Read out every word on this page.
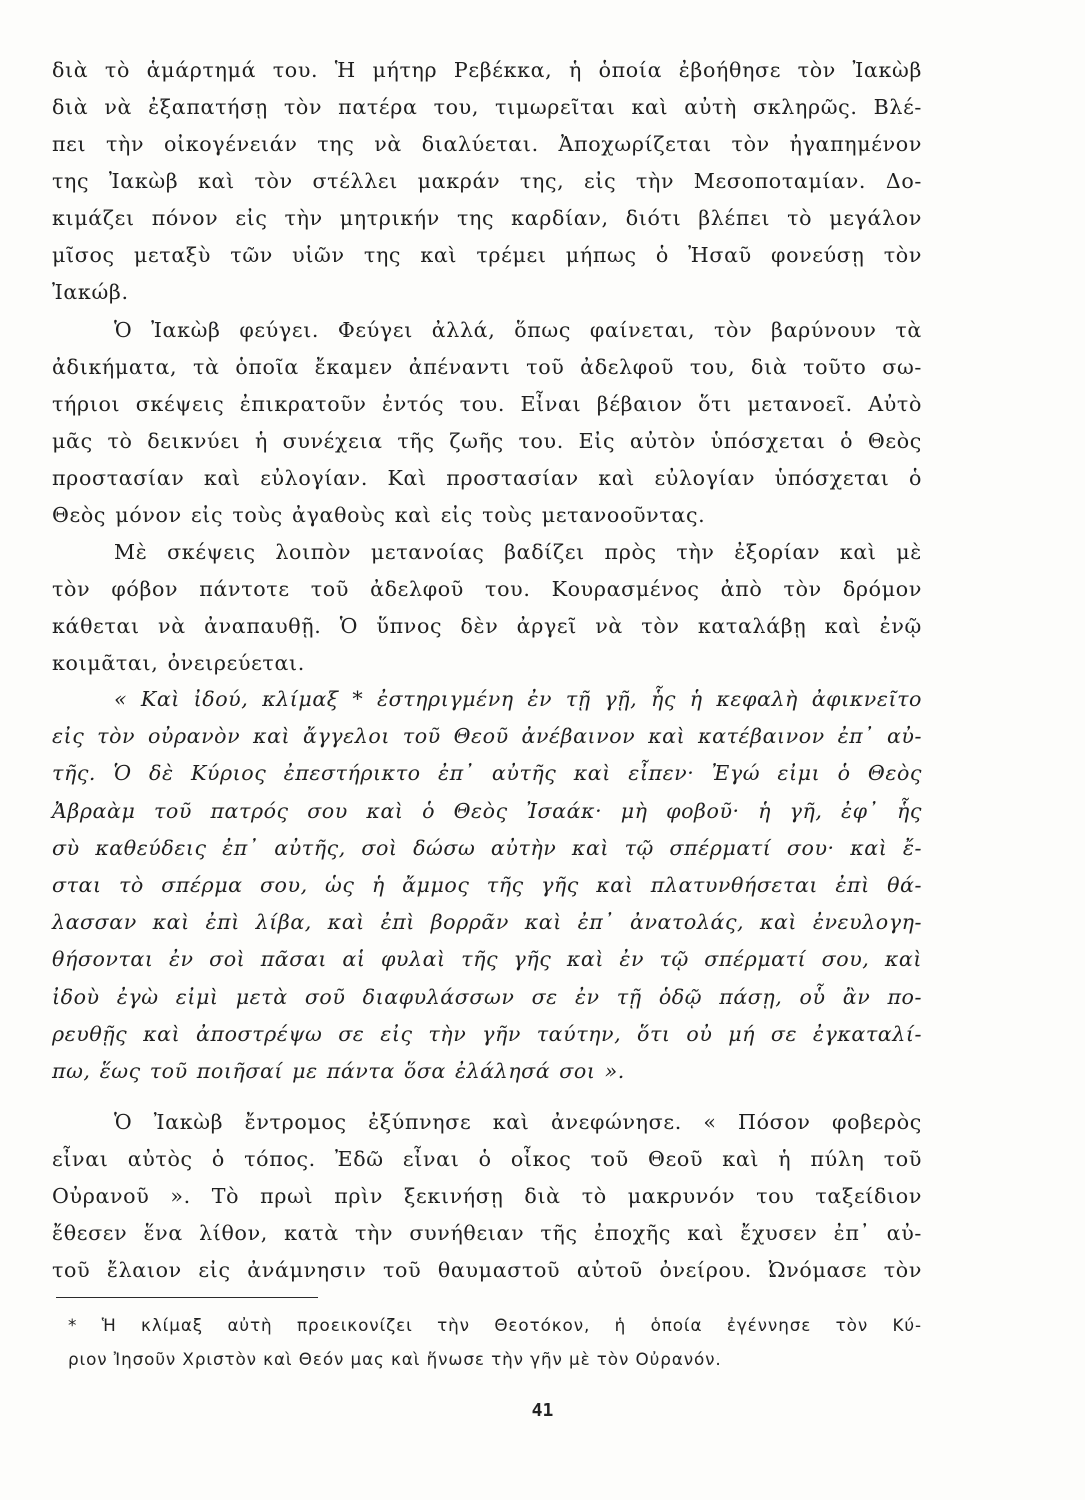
διὰ τὸ ἁμάρτημά του. Ἡ μήτηρ Ρεβέκκα, ἡ ὁποία ἐβοήθησε τὸν Ἰακὼβ
διὰ νὰ ἐξαπατήσῃ τὸν πατέρα του, τιμωρεῖται καὶ αὐτὴ σκληρῶς. Βλέ-
πει τὴν οἰκογένειάν της νὰ διαλύεται. Ἀποχωρίζεται τὸν ἠγαπημένον
της Ἰακὼβ καὶ τὸν στέλλει μακράν της, εἰς τὴν Μεσοποταμίαν. Δο-
κιμάζει πόνον εἰς τὴν μητρικήν της καρδίαν, διότι βλέπει τὸ μεγάλον
μῖσος μεταξὺ τῶν υἱῶν της καὶ τρέμει μήπως ὁ Ἠσαῦ φονεύσῃ τὸν
Ἰακώβ.
Ὁ Ἰακὼβ φεύγει. Φεύγει ἀλλά, ὅπως φαίνεται, τὸν βαρύνουν τὰ
ἀδικήματα, τὰ ὁποῖα ἔκαμεν ἀπέναντι τοῦ ἀδελφοῦ του, διὰ τοῦτο σω-
τήριοι σκέψεις ἐπικρατοῦν ἐντός του. Εἶναι βέβαιον ὅτι μετανοεῖ. Αὐτὸ
μᾶς τὸ δεικνύει ἡ συνέχεια τῆς ζωῆς του. Εἰς αὐτὸν ὑπόσχεται ὁ Θεὸς
προστασίαν καὶ εὐλογίαν. Καὶ προστασίαν καὶ εὐλογίαν ὑπόσχεται ὁ
Θεὸς μόνον εἰς τοὺς ἀγαθοὺς καὶ εἰς τοὺς μετανοοῦντας.
Μὲ σκέψεις λοιπὸν μετανοίας βαδίζει πρὸς τὴν ἐξορίαν καὶ μὲ
τὸν φόβον πάντοτε τοῦ ἀδελφοῦ του. Κουρασμένος ἀπὸ τὸν δρόμον
κάθεται νὰ ἀναπαυθῇ. Ὁ ὕπνος δὲν ἀργεῖ νὰ τὸν καταλάβῃ καὶ ἐνῷ
κοιμᾶται, ὀνειρεύεται.
« Καὶ ἰδού, κλίμαξ * ἐστηριγμένη ἐν τῇ γῇ, ἧς ἡ κεφαλὴ ἀφικνεῖτο
εἰς τὸν οὐρανὸν καὶ ἄγγελοι τοῦ Θεοῦ ἀνέβαινον καὶ κατέβαινον ἐπ᾽ αὐ-
τῆς. Ὁ δὲ Κύριος ἐπεστήρικτο ἐπ᾽ αὐτῆς καὶ εἶπεν· Ἐγώ εἰμι ὁ Θεὸς
Ἀβραὰμ τοῦ πατρός σου καὶ ὁ Θεὸς Ἰσαάκ· μὴ φοβοῦ· ἡ γῆ, ἐφ᾽ ἧς
σὺ καθεύδεις ἐπ᾽ αὐτῆς, σοὶ δώσω αὐτὴν καὶ τῷ σπέρματί σου· καὶ ἔ-
σται τὸ σπέρμα σου, ὡς ἡ ἄμμος τῆς γῆς καὶ πλατυνθήσεται ἐπὶ θά-
λασσαν καὶ ἐπὶ λίβα, καὶ ἐπὶ βορρᾶν καὶ ἐπ᾽ ἀνατολάς, καὶ ἐνευλογη-
θήσονται ἐν σοὶ πᾶσαι αἱ φυλαὶ τῆς γῆς καὶ ἐν τῷ σπέρματί σου, καὶ
ἰδοὺ ἐγὼ εἰμὶ μετὰ σοῦ διαφυλάσσων σε ἐν τῇ ὁδῷ πάσῃ, οὗ ἂν πο-
ρευθῇς καὶ ἀποστρέψω σε εἰς τὴν γῆν ταύτην, ὅτι οὐ μή σε ἐγκαταλί-
πω, ἕως τοῦ ποιῆσαί με πάντα ὅσα ἐλάλησά σοι ».
Ὁ Ἰακὼβ ἔντρομος ἐξύπνησε καὶ ἀνεφώνησε. « Πόσον φοβερὸς
εἶναι αὐτὸς ὁ τόπος. Ἐδῶ εἶναι ὁ οἶκος τοῦ Θεοῦ καὶ ἡ πύλη τοῦ
Οὐρανοῦ ». Τὸ πρωὶ πρὶν ξεκινήσῃ διὰ τὸ μακρυνόν του ταξείδιον
ἔθεσεν ἕνα λίθον, κατὰ τὴν συνήθειαν τῆς ἐποχῆς καὶ ἔχυσεν ἐπ᾽ αὐ-
τοῦ ἔλαιον εἰς ἀνάμνησιν τοῦ θαυμαστοῦ αὐτοῦ ὀνείρου. Ὠνόμασε τὸν
* Ἡ κλίμαξ αὐτὴ προεικονίζει τὴν Θεοτόκον, ἡ ὁποία ἐγέννησε τὸν Κύ-
ριον Ἰησοῦν Χριστὸν καὶ Θεόν μας καὶ ἥνωσε τὴν γῆν μὲ τὸν Οὐρανόν.
41
